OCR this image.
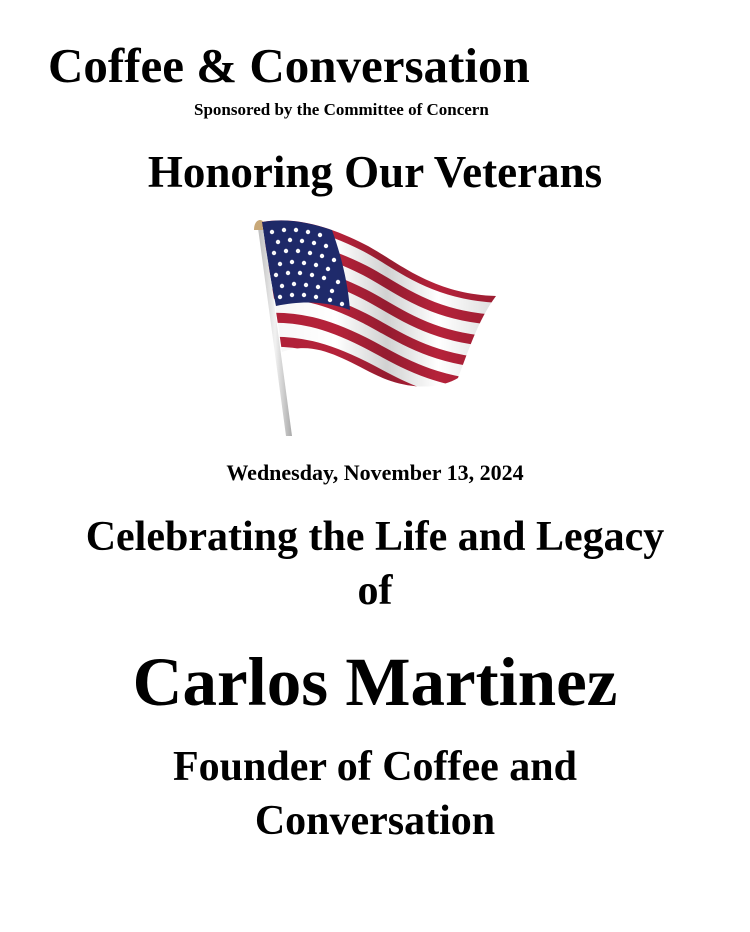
Coffee & Conversation
Sponsored by the Committee of Concern
Honoring Our Veterans
Wednesday, November 13, 2024
Celebrating the Life and Legacy
of
Carlos Martinez
Founder of Coffee and
Conversation
